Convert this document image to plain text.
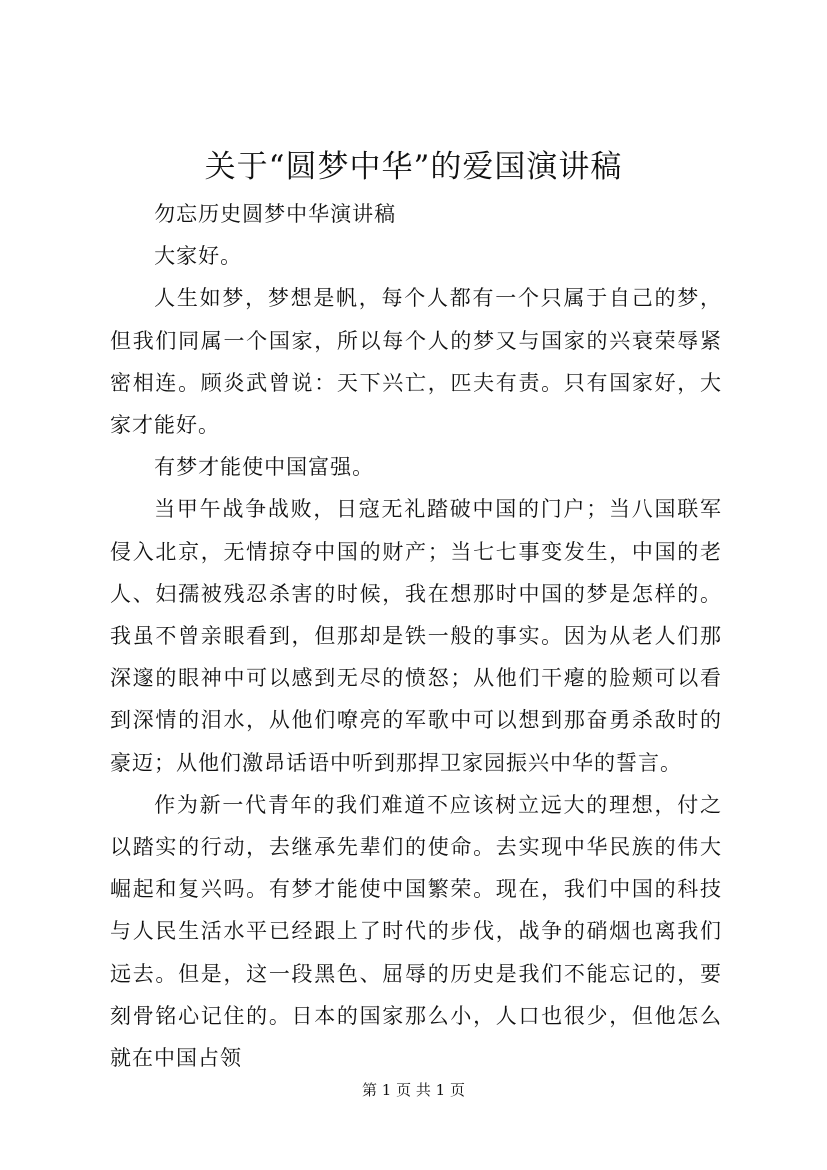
关于“圆梦中华”的爱国演讲稿

勿忘历史圆梦中华演讲稿

大家好。

人生如梦，梦想是帆，每个人都有一个只属于自己的梦，但我们同属一个国家，所以每个人的梦又与国家的兴衰荣辱紧密相连。顾炎武曾说：天下兴亡，匹夫有责。只有国家好，大家才能好。

有梦才能使中国富强。

当甲午战争战败，日寇无礼踏破中国的门户；当八国联军侵入北京，无情掠夺中国的财产；当七七事变发生，中国的老人、妇孺被残忍杀害的时候，我在想那时中国的梦是怎样的。我虽不曾亲眼看到，但那却是铁一般的事实。因为从老人们那深邃的眼神中可以感到无尽的愤怒；从他们干瘪的脸颊可以看到深情的泪水，从他们嘹亮的军歌中可以想到那奋勇杀敌时的豪迈；从他们激昂话语中听到那捍卫家园振兴中华的誓言。

作为新一代青年的我们难道不应该树立远大的理想，付之以踏实的行动，去继承先辈们的使命。去实现中华民族的伟大崛起和复兴吗。有梦才能使中国繁荣。现在，我们中国的科技与人民生活水平已经跟上了时代的步伐，战争的硝烟也离我们远去。但是，这一段黑色、屈辱的历史是我们不能忘记的，要刻骨铭心记住的。日本的国家那么小，人口也很少，但他怎么就在中国占领

第 1 页 共 1 页
